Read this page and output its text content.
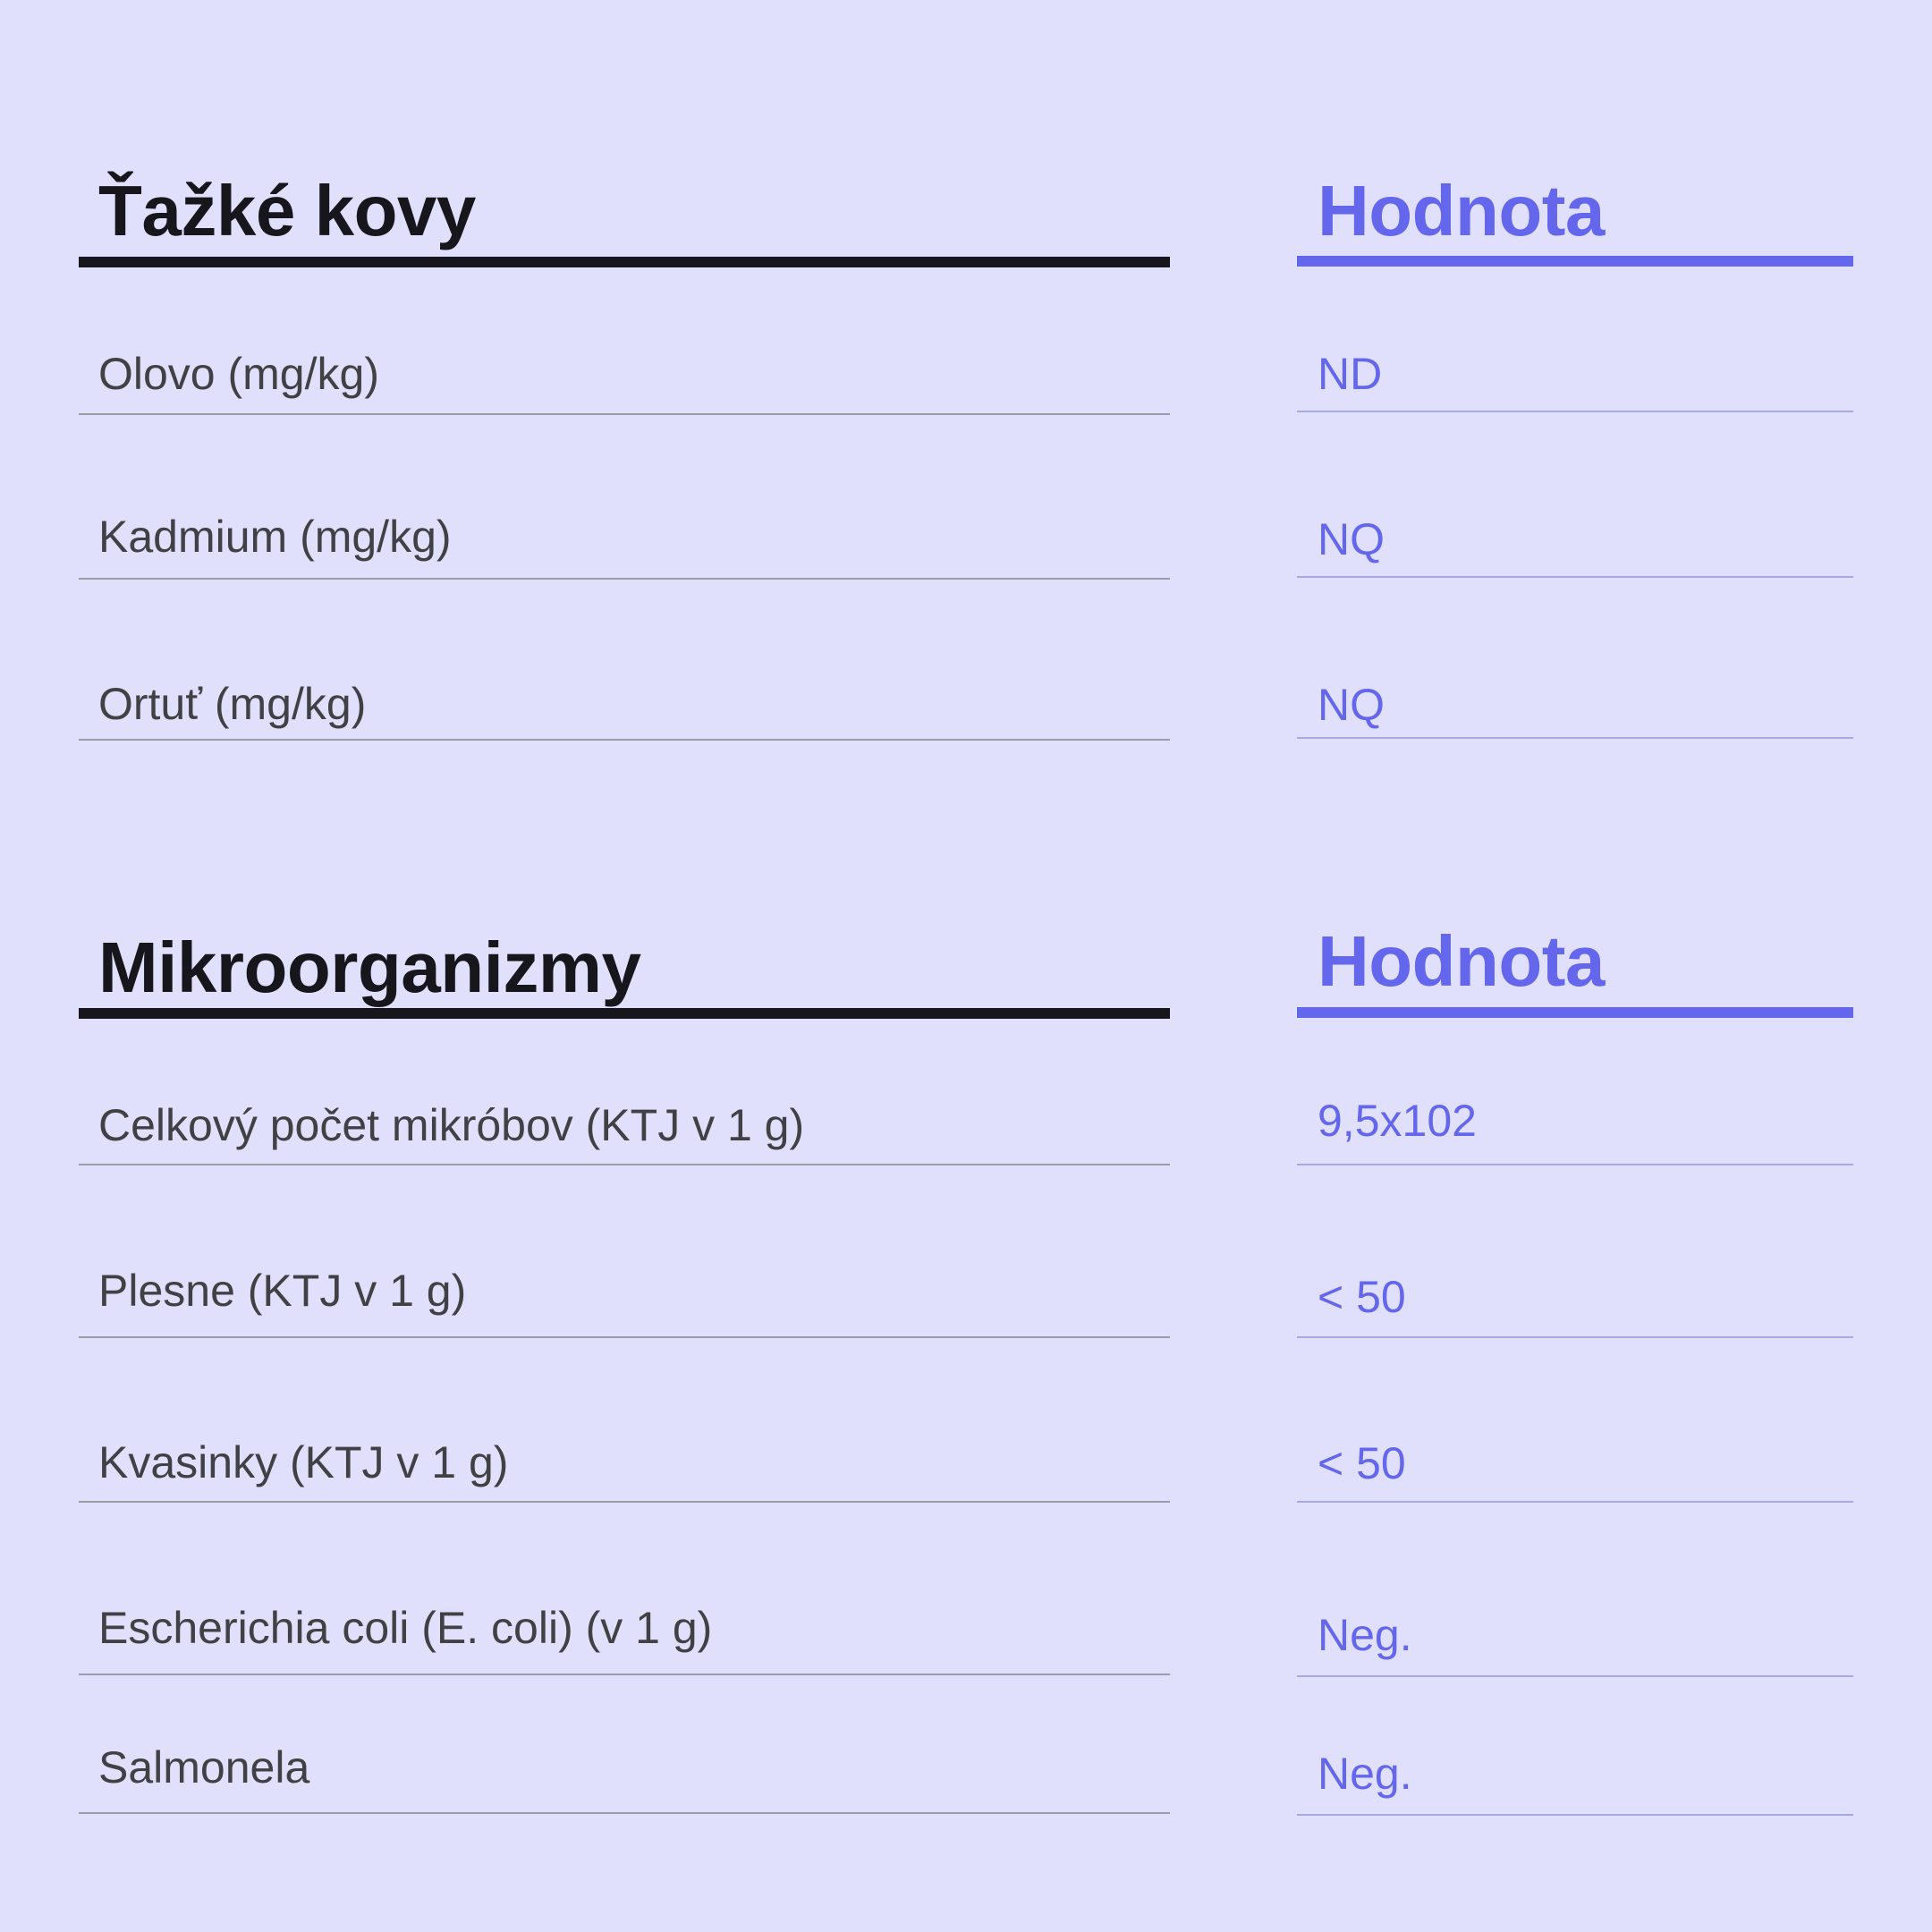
Ťažké kovy
Olovo (mg/kg)
Kadmium (mg/kg)
Ortuť (mg/kg)
Hodnota
ND
NQ
NQ
Mikroorganizmy
Celkový počet mikróbov (KTJ v 1 g)
Plesne (KTJ v 1 g)
Kvasinky (KTJ v 1 g)
Escherichia coli (E. coli) (v 1 g)
Salmonela
Hodnota
9,5x102
< 50
< 50
Neg.
Neg.
